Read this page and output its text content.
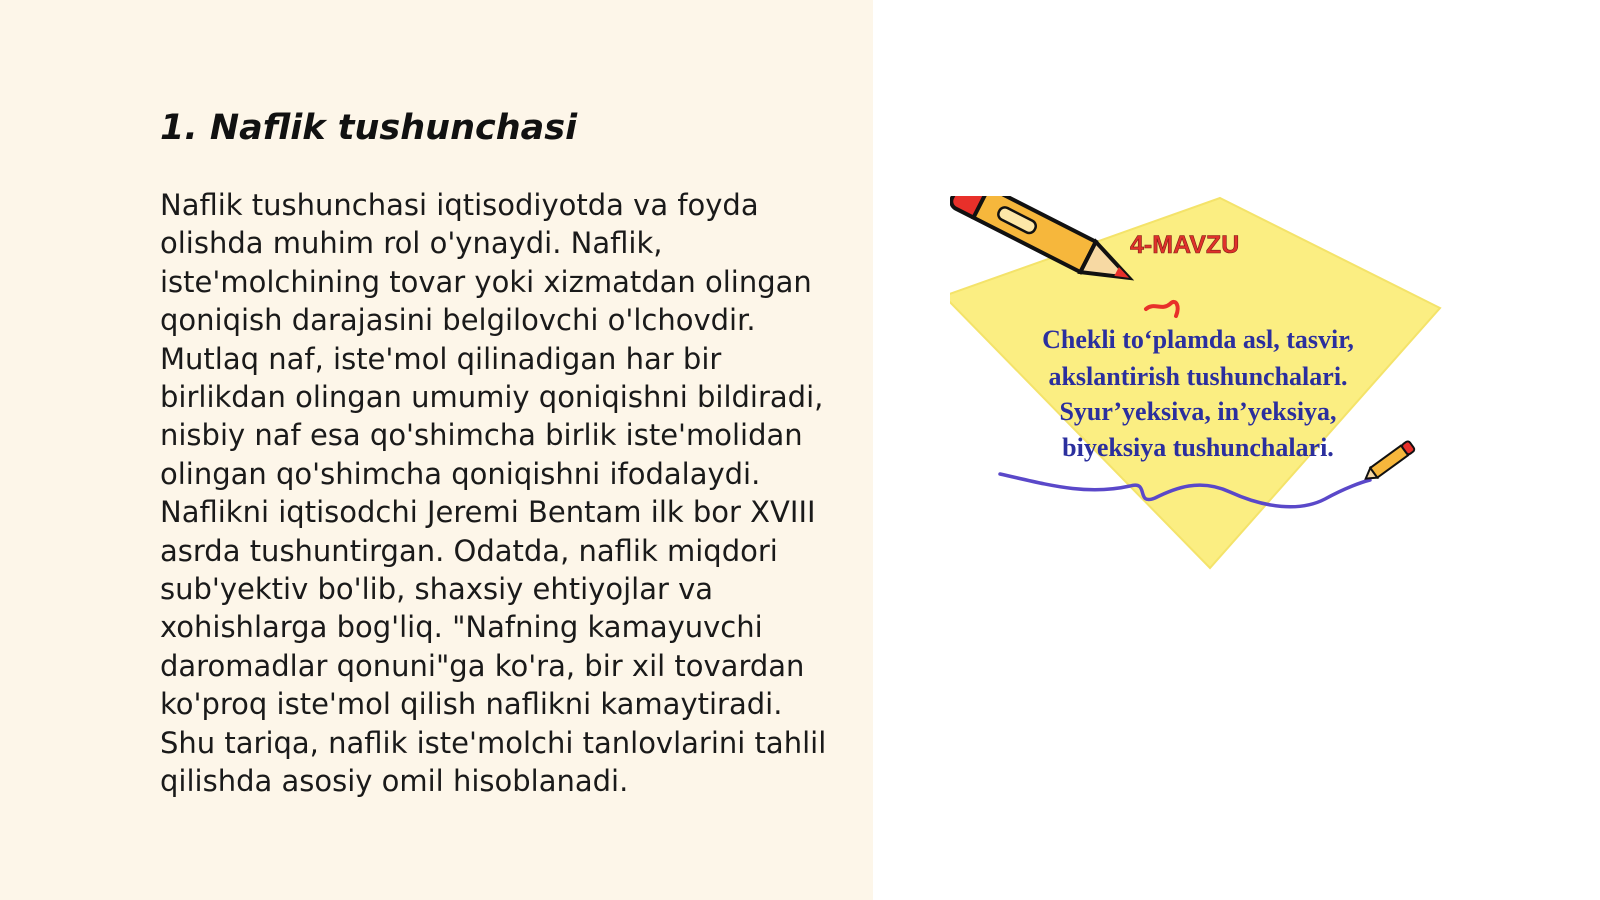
1. Naflik tushunchasi

Naflik tushunchasi iqtisodiyotda va foyda olishda muhim rol o'ynaydi. Naflik, iste'molchining tovar yoki xizmatdan olingan qoniqish darajasini belgilovchi o'lchovdir. Mutlaq naf, iste'mol qilinadigan har bir birlikdan olingan umumiy qoniqishni bildiradi, nisbiy naf esa qo'shimcha birlik iste'molidan olingan qo'shimcha qoniqishni ifodalaydi. Naflikni iqtisodchi Jeremi Bentam ilk bor XVIII asrda tushuntirgan. Odatda, naflik miqdori sub'yektiv bo'lib, shaxsiy ehtiyojlar va xohishlarga bog'liq. "Nafning kamayuvchi daromadlar qonuni"ga ko'ra, bir xil tovardan ko'proq iste'mol qilish naflikni kamaytiradi. Shu tariqa, naflik iste'molchi tanlovlarini tahlil qilishda asosiy omil hisoblanadi.

4-MAVZU
Chekli to‘plamda asl, tasvir,
akslantirish tushunchalari.
Syur’yeksiva, in’yeksiya,
biyeksiya tushunchalari.
